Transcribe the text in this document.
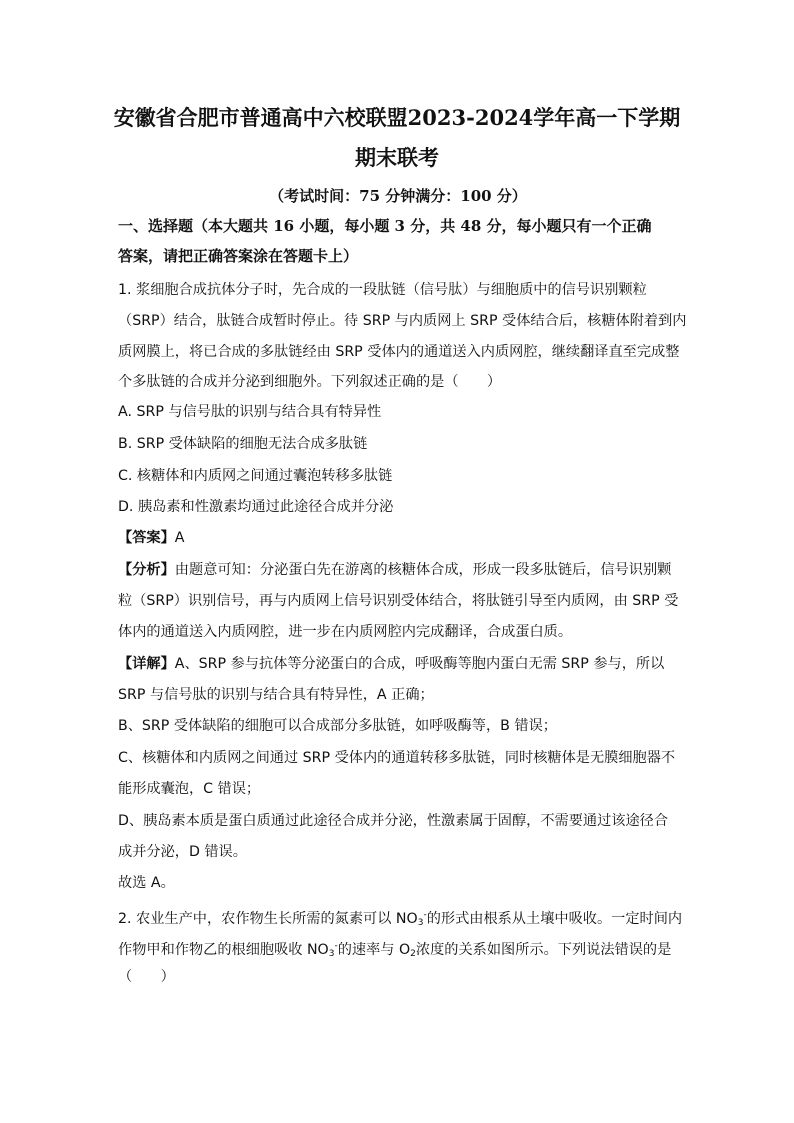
安徽省合肥市普通高中六校联盟2023-2024学年高一下学期
期末联考
（考试时间：75 分钟满分：100 分）
一、选择题（本大题共 16 小题，每小题 3 分，共 48 分，每小题只有一个正确
答案，请把正确答案涂在答题卡上）
1. 浆细胞合成抗体分子时，先合成的一段肽链（信号肽）与细胞质中的信号识别颗粒
（SRP）结合，肽链合成暂时停止。待 SRP 与内质网上 SRP 受体结合后，核糖体附着到内
质网膜上，将已合成的多肽链经由 SRP 受体内的通道送入内质网腔，继续翻译直至完成整
个多肽链的合成并分泌到细胞外。下列叙述正确的是（　　）
A. SRP 与信号肽的识别与结合具有特异性
B. SRP 受体缺陷的细胞无法合成多肽链
C. 核糖体和内质网之间通过囊泡转移多肽链
D. 胰岛素和性激素均通过此途径合成并分泌
【答案】A
【分析】由题意可知：分泌蛋白先在游离的核糖体合成，形成一段多肽链后，信号识别颗
粒（SRP）识别信号，再与内质网上信号识别受体结合，将肽链引导至内质网，由 SRP 受
体内的通道送入内质网腔，进一步在内质网腔内完成翻译，合成蛋白质。
【详解】A、SRP 参与抗体等分泌蛋白的合成，呼吸酶等胞内蛋白无需 SRP 参与，所以
SRP 与信号肽的识别与结合具有特异性，A 正确；
B、SRP 受体缺陷的细胞可以合成部分多肽链，如呼吸酶等，B 错误；
C、核糖体和内质网之间通过 SRP 受体内的通道转移多肽链，同时核糖体是无膜细胞器不
能形成囊泡，C 错误；
D、胰岛素本质是蛋白质通过此途径合成并分泌，性激素属于固醇，不需要通过该途径合
成并分泌，D 错误。
故选 A。
2. 农业生产中，农作物生长所需的氮素可以 $NO_3^-$的形式由根系从土壤中吸收。一定时间内
作物甲和作物乙的根细胞吸收 $NO_3^-$的速率与 $O_2$浓度的关系如图所示。下列说法错误的是
（　　）
